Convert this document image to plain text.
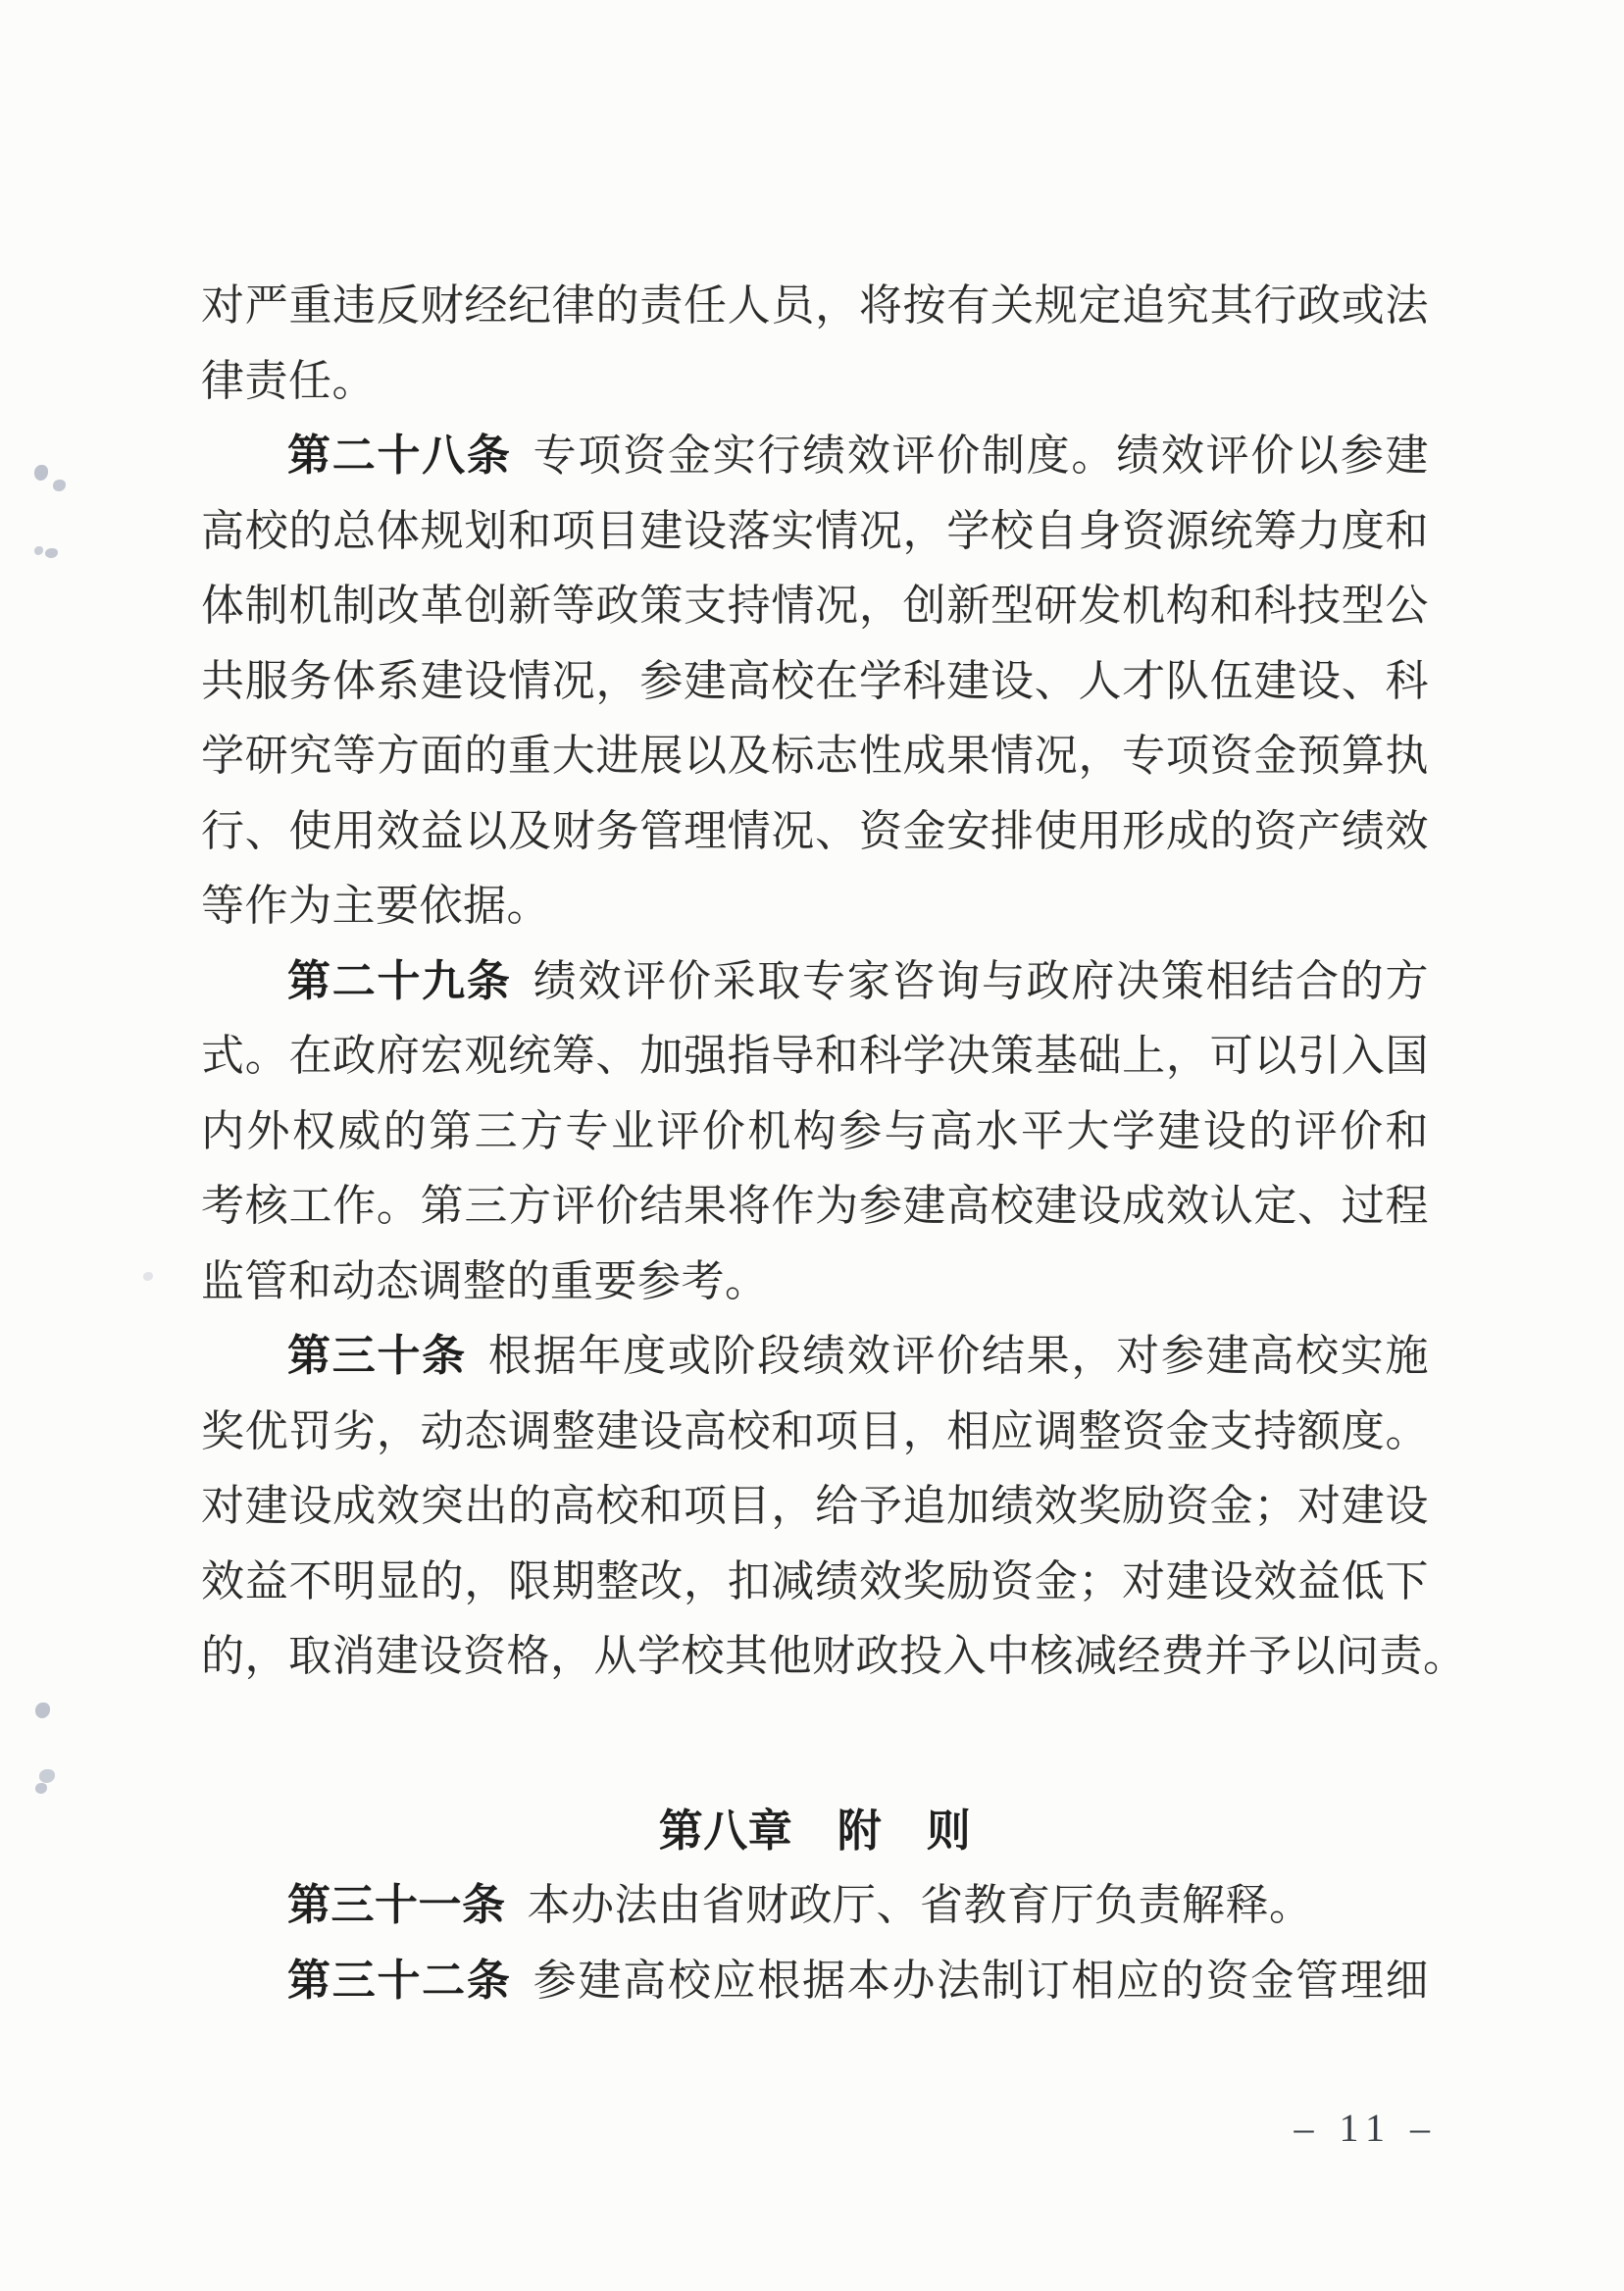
对严重违反财经纪律的责任人员，将按有关规定追究其行政或法
律责任。
第二十八条 专项资金实行绩效评价制度。绩效评价以参建
高校的总体规划和项目建设落实情况，学校自身资源统筹力度和
体制机制改革创新等政策支持情况，创新型研发机构和科技型公
共服务体系建设情况，参建高校在学科建设、人才队伍建设、科
学研究等方面的重大进展以及标志性成果情况，专项资金预算执
行、使用效益以及财务管理情况、资金安排使用形成的资产绩效
等作为主要依据。
第二十九条 绩效评价采取专家咨询与政府决策相结合的方
式。在政府宏观统筹、加强指导和科学决策基础上，可以引入国
内外权威的第三方专业评价机构参与高水平大学建设的评价和
考核工作。第三方评价结果将作为参建高校建设成效认定、过程
监管和动态调整的重要参考。
第三十条 根据年度或阶段绩效评价结果，对参建高校实施
奖优罚劣，动态调整建设高校和项目，相应调整资金支持额度。
对建设成效突出的高校和项目，给予追加绩效奖励资金；对建设
效益不明显的，限期整改，扣减绩效奖励资金；对建设效益低下
的，取消建设资格，从学校其他财政投入中核减经费并予以问责。
第八章　附　则
第三十一条 本办法由省财政厅、省教育厅负责解释。
第三十二条 参建高校应根据本办法制订相应的资金管理细
– 11 –
